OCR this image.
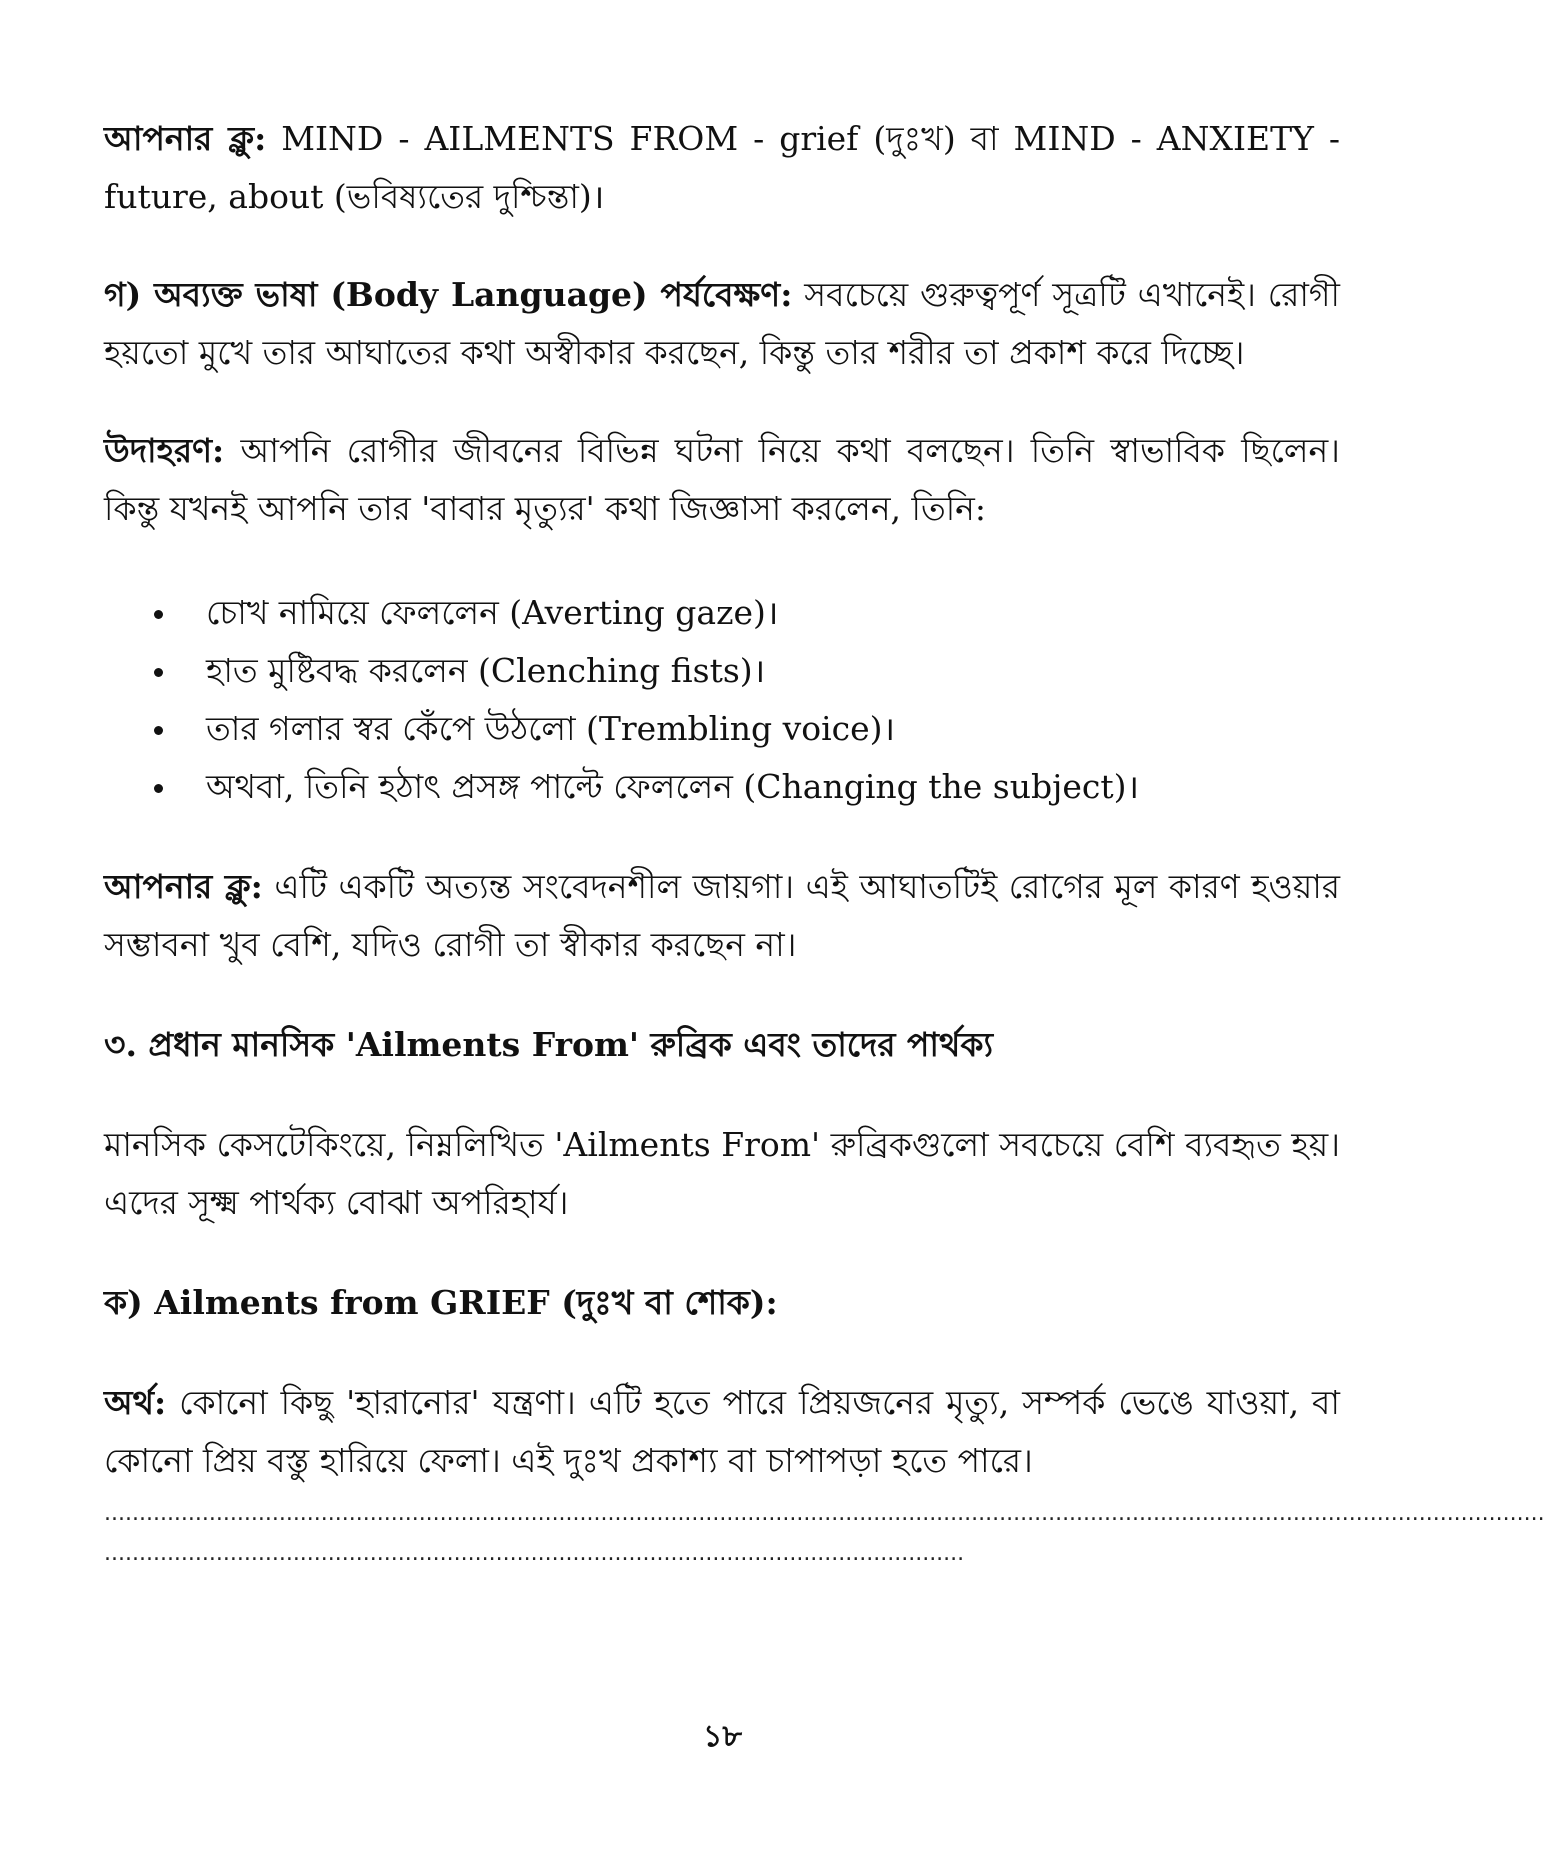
আপনার ক্লু: MIND - AILMENTS FROM - grief (দুঃখ) বা MIND - ANXIETY - future, about (ভবিষ্যতের দুশ্চিন্তা)।

গ) অব্যক্ত ভাষা (Body Language) পর্যবেক্ষণ: সবচেয়ে গুরুত্বপূর্ণ সূত্রটি এখানেই। রোগী হয়তো মুখে তার আঘাতের কথা অস্বীকার করছেন, কিন্তু তার শরীর তা প্রকাশ করে দিচ্ছে।

উদাহরণ: আপনি রোগীর জীবনের বিভিন্ন ঘটনা নিয়ে কথা বলছেন। তিনি স্বাভাবিক ছিলেন। কিন্তু যখনই আপনি তার 'বাবার মৃত্যুর' কথা জিজ্ঞাসা করলেন, তিনি:

চোখ নামিয়ে ফেললেন (Averting gaze)।
হাত মুষ্টিবদ্ধ করলেন (Clenching fists)।
তার গলার স্বর কেঁপে উঠলো (Trembling voice)।
অথবা, তিনি হঠাৎ প্রসঙ্গ পাল্টে ফেললেন (Changing the subject)।

আপনার ক্লু: এটি একটি অত্যন্ত সংবেদনশীল জায়গা। এই আঘাতটিই রোগের মূল কারণ হওয়ার সম্ভাবনা খুব বেশি, যদিও রোগী তা স্বীকার করছেন না।

৩. প্রধান মানসিক 'Ailments From' রুব্রিক এবং তাদের পার্থক্য

মানসিক কেসটেকিংয়ে, নিম্নলিখিত 'Ailments From' রুব্রিকগুলো সবচেয়ে বেশি ব্যবহৃত হয়। এদের সূক্ষ্ম পার্থক্য বোঝা অপরিহার্য।

ক) Ailments from GRIEF (দুঃখ বা শোক):

অর্থ: কোনো কিছু 'হারানোর' যন্ত্রণা। এটি হতে পারে প্রিয়জনের মৃত্যু, সম্পর্ক ভেঙে যাওয়া, বা কোনো প্রিয় বস্তু হারিয়ে ফেলা। এই দুঃখ প্রকাশ্য বা চাপাপড়া হতে পারে।

..............................................................................................................................................................................................................
...........................................................................................................................
১৮
